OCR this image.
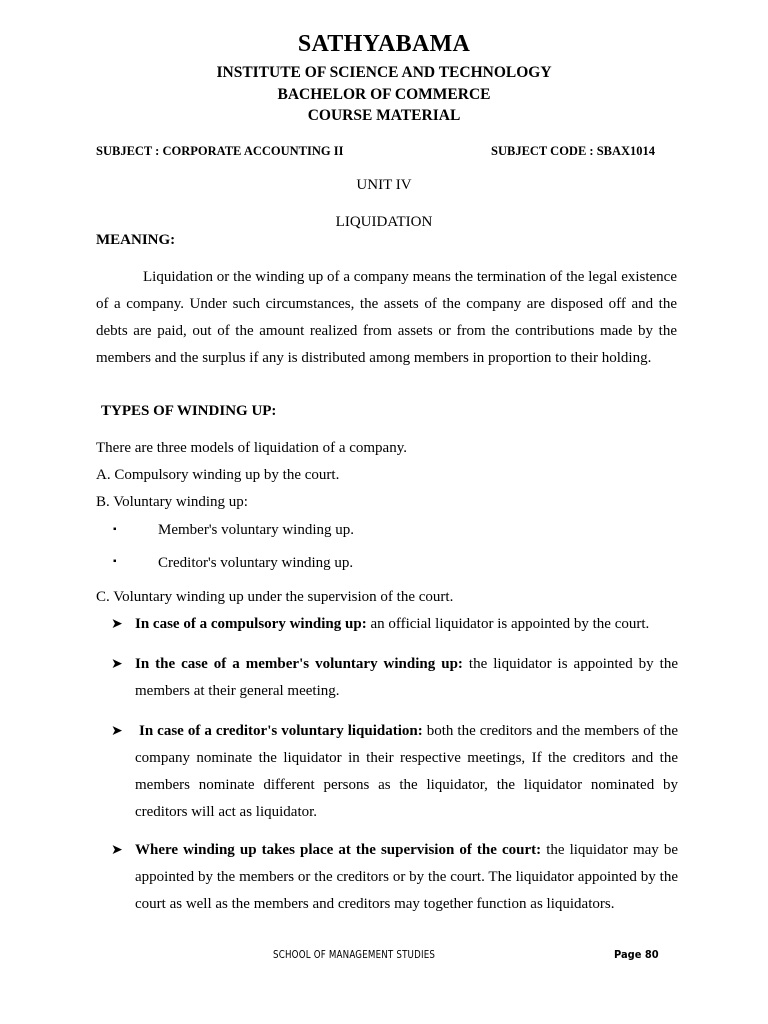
SATHYABAMA
INSTITUTE OF SCIENCE AND TECHNOLOGY
BACHELOR OF COMMERCE
COURSE MATERIAL
SUBJECT : CORPORATE ACCOUNTING II	SUBJECT CODE : SBAX1014
UNIT IV
LIQUIDATION
MEANING:
Liquidation or the winding up of a company means the termination of the legal existence of a company. Under such circumstances, the assets of the company are disposed off and the debts are paid, out of the amount realized from assets or from the contributions made by the members and the surplus if any is distributed among members in proportion to their holding.
TYPES OF WINDING UP:
There are three models of liquidation of a company.
A. Compulsory winding up by the court.
B. Voluntary winding up:
▪	Member's voluntary winding up.
▪	Creditor's voluntary winding up.
C. Voluntary winding up under the supervision of the court.
➤ In case of a compulsory winding up: an official liquidator is appointed by the court.
➤ In the case of a member's voluntary winding up: the liquidator is appointed by the members at their general meeting.
➤ In case of a creditor's voluntary liquidation: both the creditors and the members of the company nominate the liquidator in their respective meetings, If the creditors and the members nominate different persons as the liquidator, the liquidator nominated by creditors will act as liquidator.
➤ Where winding up takes place at the supervision of the court: the liquidator may be appointed by the members or the creditors or by the court. The liquidator appointed by the court as well as the members and creditors may together function as liquidators.
SCHOOL OF MANAGEMENT STUDIES	Page 80
